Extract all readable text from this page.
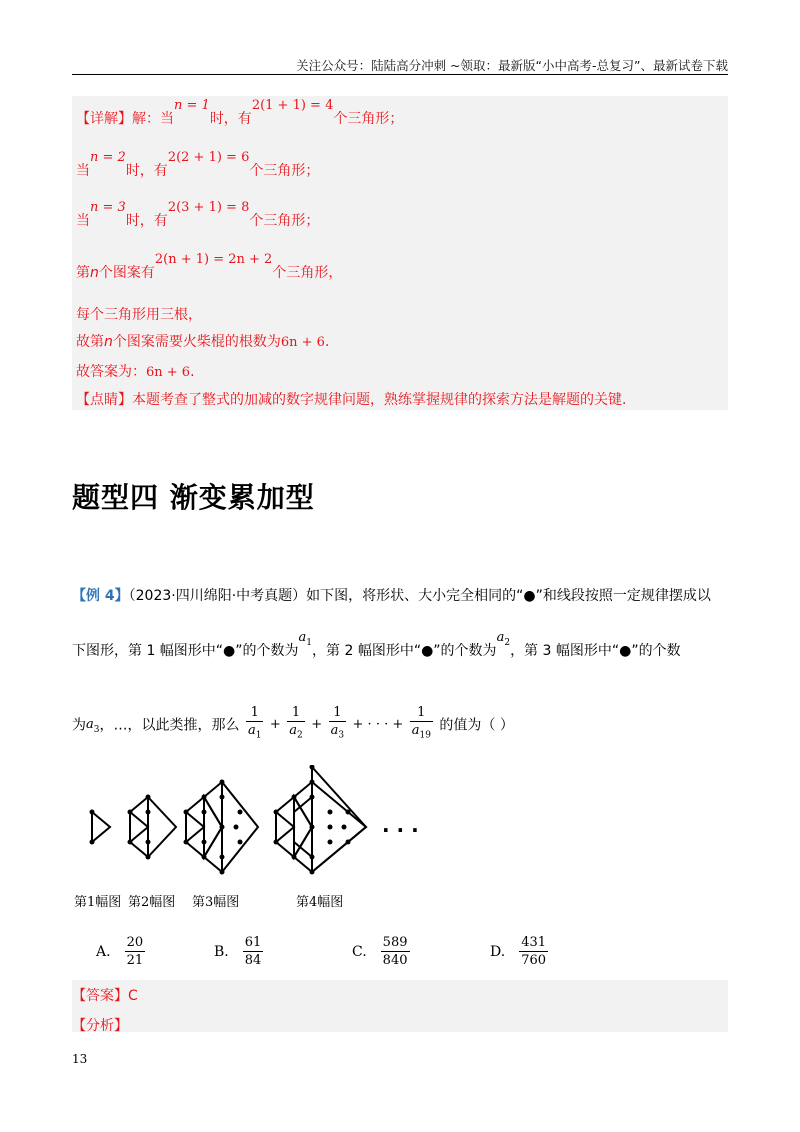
关注公众号：陆陆高分冲刺 ~领取：最新版“小中高考-总复习”、最新试卷下载
【详解】解：当n = 1时，有2(1 + 1) = 4个三角形；
当n = 2时，有2(2 + 1) = 6个三角形；
当n = 3时，有2(3 + 1) = 8个三角形；
第n个图案有2(n + 1) = 2n + 2个三角形，
每个三角形用三根，
故第n个图案需要火柴棍的根数为6n + 6.
故答案为：6n + 6.
【点睛】本题考查了整式的加减的数字规律问题，熟练掌握规律的探索方法是解题的关键.
题型四 渐变累加型
【例 4】（2023·四川绵阳·中考真题）如下图，将形状、大小完全相同的“●”和线段按照一定规律摆成以
下图形，第 1 幅图形中“●”的个数为a1，第 2 幅图形中“●”的个数为a2，第 3 幅图形中“●”的个数
为$a_3$，…，以此类推，那么 $\frac{1}{a_1} + \frac{1}{a_2} + \frac{1}{a_3}$ + · · · + $\frac{1}{a_{19}}$ 的值为（ ）
· · ·
第1幅图 第2幅图 第3幅图	第4幅图
A. $\frac{20}{21}$	B. $\frac{61}{84}$	C. $\frac{589}{840}$	D. $\frac{431}{760}$
【答案】C
【分析】
13
